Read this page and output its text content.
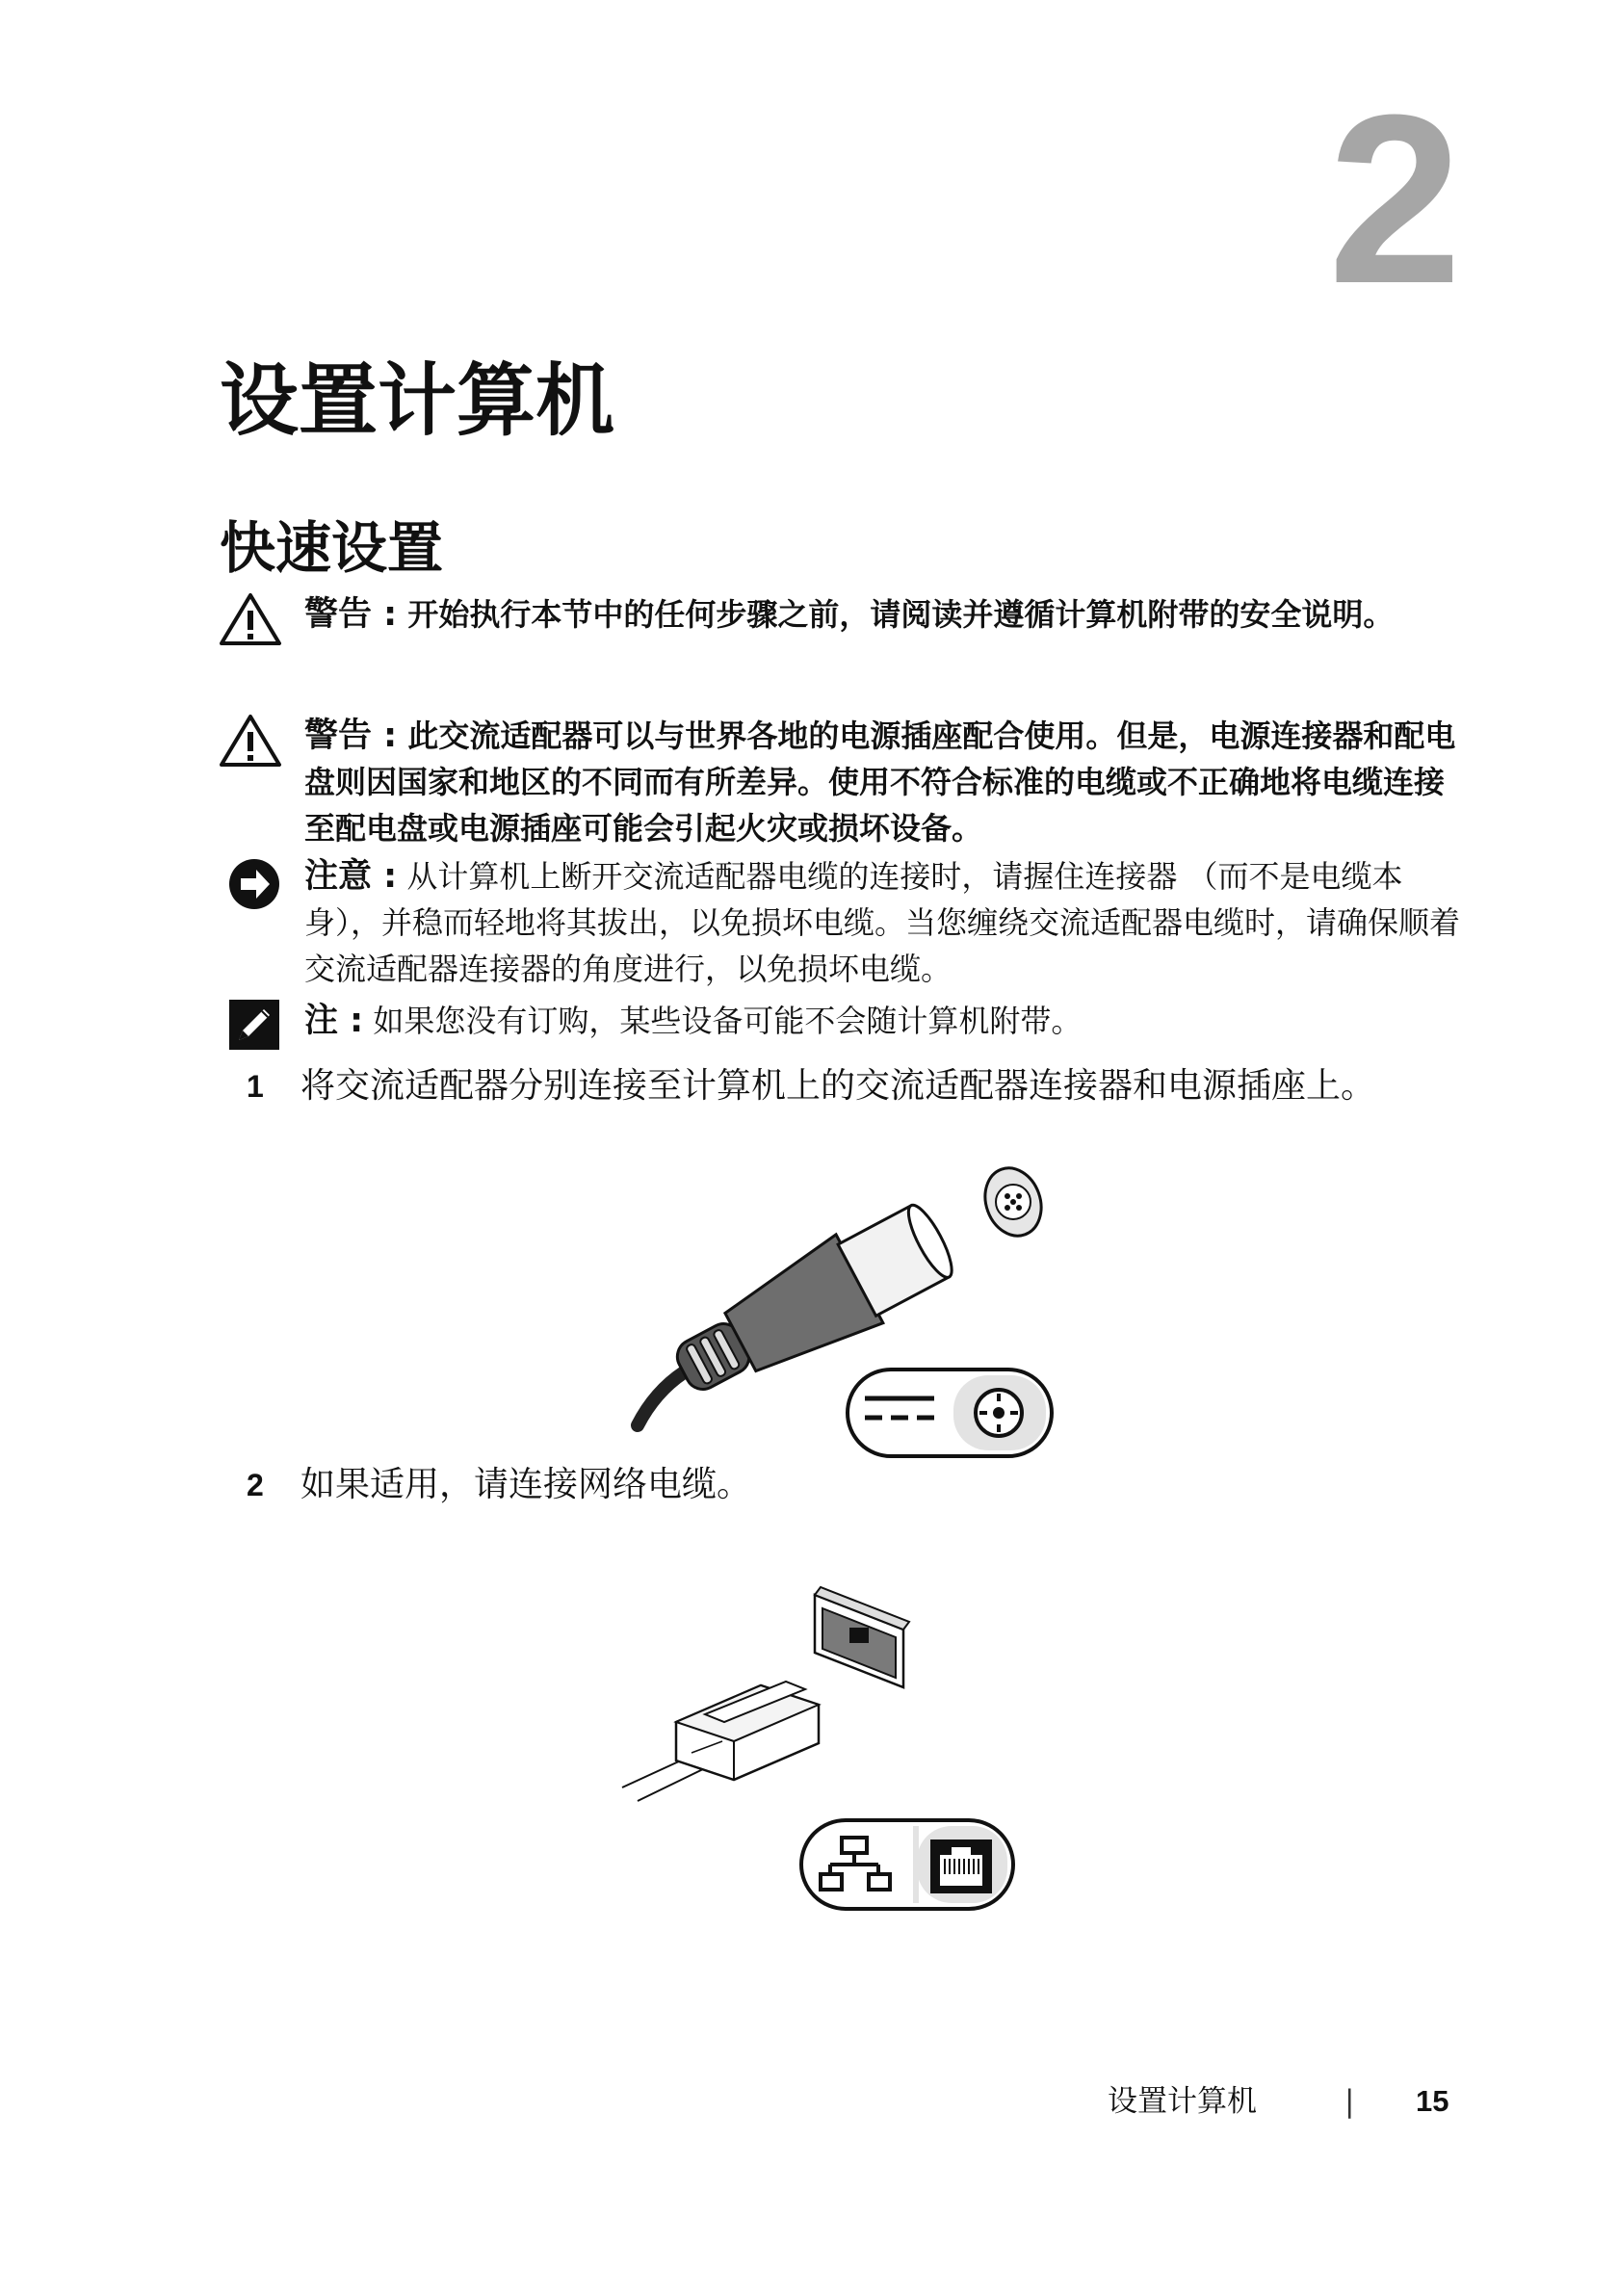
2
设置计算机
快速设置
警告 : 开始执行本节中的任何步骤之前，请阅读并遵循计算机附带的安全说明。
警告 : 此交流适配器可以与世界各地的电源插座配合使用。但是，电源连接器和配电盘则因国家和地区的不同而有所差异。使用不符合标准的电缆或不正确地将电缆连接至配电盘或电源插座可能会引起火灾或损坏设备。
注意 : 从计算机上断开交流适配器电缆的连接时，请握住连接器 （而不是电缆本身），并稳而轻地将其拔出，以免损坏电缆。当您缠绕交流适配器电缆时，请确保顺着交流适配器连接器的角度进行，以免损坏电缆。
注 : 如果您没有订购，某些设备可能不会随计算机附带。
1 将交流适配器分别连接至计算机上的交流适配器连接器和电源插座上。
2 如果适用，请连接网络电缆。
设置计算机	| 15
